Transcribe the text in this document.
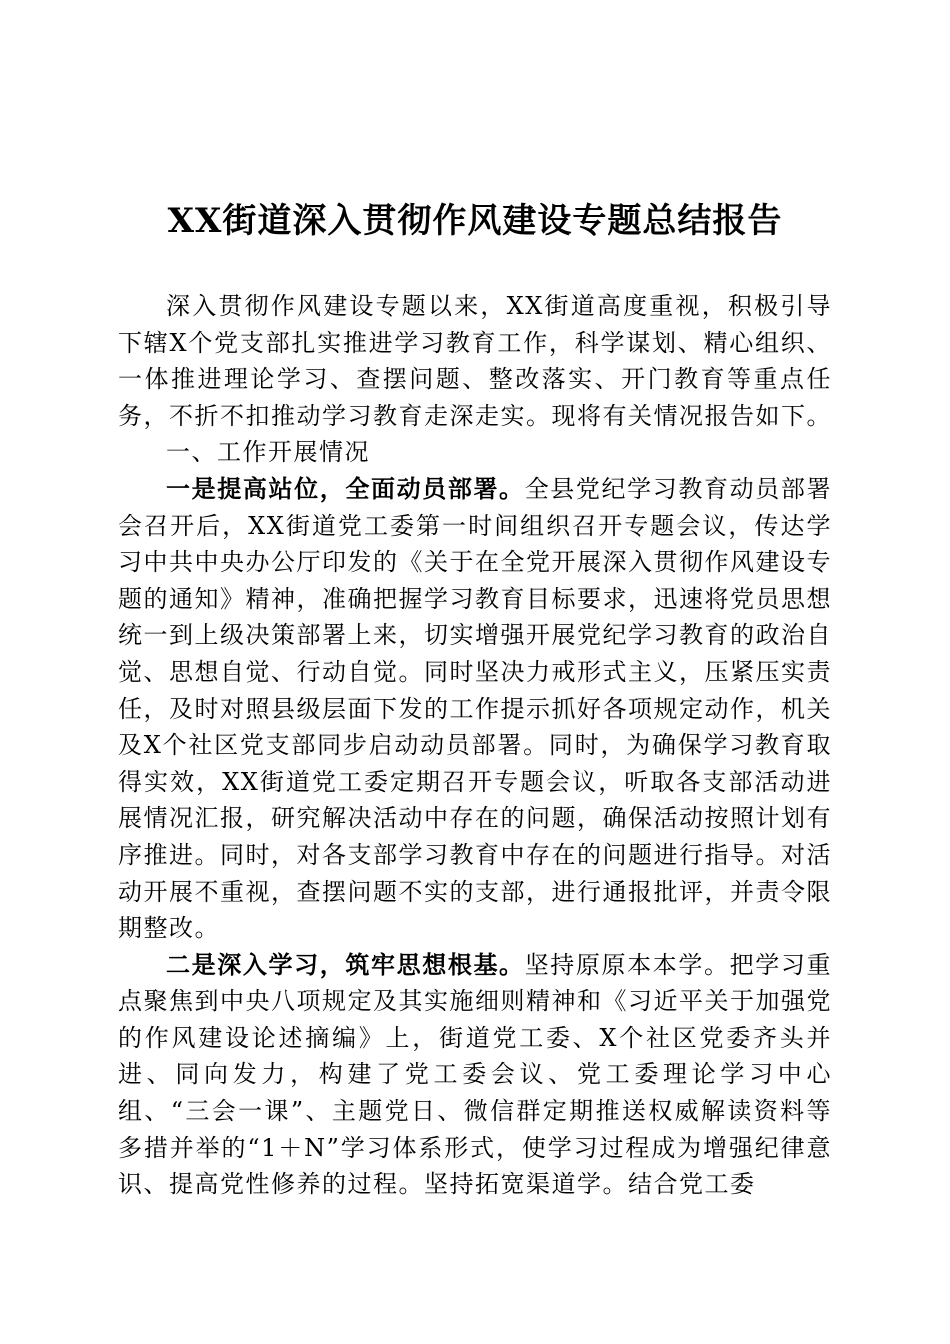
XX街道深入贯彻作风建设专题总结报告

深入贯彻作风建设专题以来，XX街道高度重视，积极引导下辖X个党支部扎实推进学习教育工作，科学谋划、精心组织、一体推进理论学习、查摆问题、整改落实、开门教育等重点任务，不折不扣推动学习教育走深走实。现将有关情况报告如下。

一、工作开展情况

一是提高站位，全面动员部署。全县党纪学习教育动员部署会召开后，XX街道党工委第一时间组织召开专题会议，传达学习中共中央办公厅印发的《关于在全党开展深入贯彻作风建设专题的通知》精神，准确把握学习教育目标要求，迅速将党员思想统一到上级决策部署上来，切实增强开展党纪学习教育的政治自觉、思想自觉、行动自觉。同时坚决力戒形式主义，压紧压实责任，及时对照县级层面下发的工作提示抓好各项规定动作，机关及X个社区党支部同步启动动员部署。同时，为确保学习教育取得实效，XX街道党工委定期召开专题会议，听取各支部活动进展情况汇报，研究解决活动中存在的问题，确保活动按照计划有序推进。同时，对各支部学习教育中存在的问题进行指导。对活动开展不重视，查摆问题不实的支部，进行通报批评，并责令限期整改。

二是深入学习，筑牢思想根基。坚持原原本本学。把学习重点聚焦到中央八项规定及其实施细则精神和《习近平关于加强党的作风建设论述摘编》上，街道党工委、X个社区党委齐头并进、同向发力，构建了党工委会议、党工委理论学习中心组、“三会一课”、主题党日、微信群定期推送权威解读资料等多措并举的“1＋N”学习体系形式，使学习过程成为增强纪律意识、提高党性修养的过程。坚持拓宽渠道学。结合党工委
